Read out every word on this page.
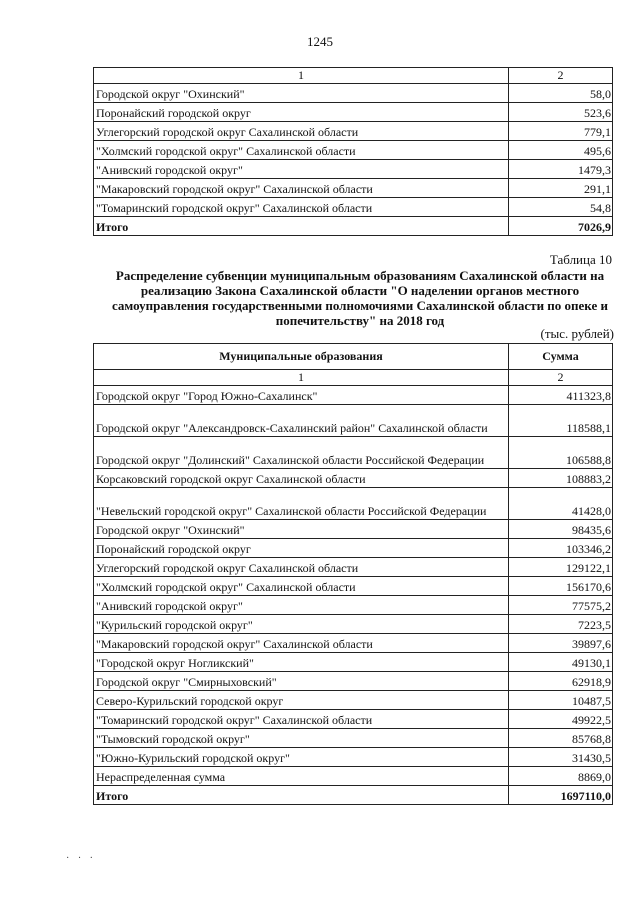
1245
1	2
Городской округ "Охинский"	58,0
Поронайский городской округ	523,6
Углегорский городской округ Сахалинской области	779,1
"Холмский городской округ" Сахалинской области	495,6
"Анивский городской округ"	1479,3
"Макаровский городской округ" Сахалинской области	291,1
"Томаринский городской округ" Сахалинской области	54,8
Итого	7026,9
Таблица 10
Распределение субвенции муниципальным образованиям Сахалинской области на реализацию Закона Сахалинской области "О наделении органов местного самоуправления государственными полномочиями Сахалинской области по опеке и попечительству" на 2018 год
(тыс. рублей)
Муниципальные образования	Сумма
1	2
Городской округ "Город Южно-Сахалинск"	411323,8
Городской округ "Александровск-Сахалинский район" Сахалинской области	118588,1
Городской округ "Долинский" Сахалинской области Российской Федерации	106588,8
Корсаковский городской округ Сахалинской области	108883,2
"Невельский городской округ" Сахалинской области Российской Федерации	41428,0
Городской округ "Охинский"	98435,6
Поронайский городской округ	103346,2
Углегорский городской округ Сахалинской области	129122,1
"Холмский городской округ" Сахалинской области	156170,6
"Анивский городской округ"	77575,2
"Курильский городской округ"	7223,5
"Макаровский городской округ" Сахалинской области	39897,6
"Городской округ Ногликский"	49130,1
Городской округ "Смирныховский"	62918,9
Северо-Курильский городской округ	10487,5
"Томаринский городской округ" Сахалинской области	49922,5
"Тымовский городской округ"	85768,8
"Южно-Курильский городской округ"	31430,5
Нераспределенная сумма	8869,0
Итого	1697110,0
· · ·
